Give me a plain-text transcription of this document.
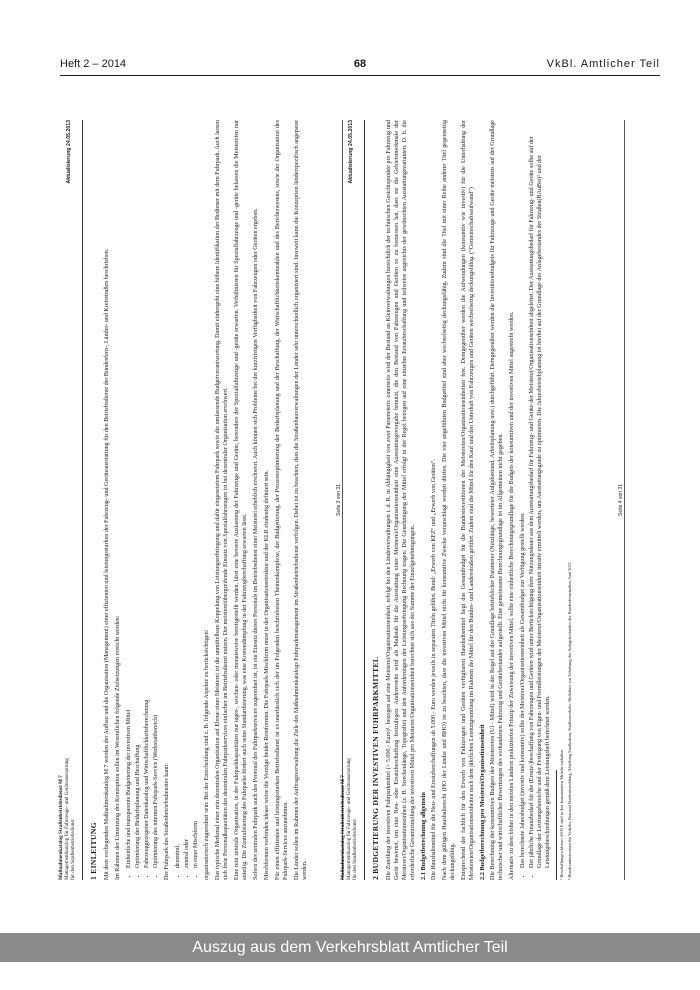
Heft 2 – 2014	68	VkBl. Amtlicher Teil
Maßnahmenkatalog Straßenbetriebsdienst M 7 Managementkatalog für Fahrzeuge- und Geräteausstattung für den Straßenbetriebsdienst
Aktualisierung 24.05.2013
1 EINLEITUNG Mit dem vorliegenden Maßnahmenkatalog M 7 werden der Aufbau und die Organisation (Management) einer effizienten und leistungsstarken der Fahrzeug- und Geräteausstattung für den Betriebsdienst der Bundesfern-, Länder- und Kreisstraßen beschrieben. Im Rahmen der Umsetzung der Konzeption sollen im Wesentlichen folgende Zielsetzungen erreicht werden: • Einheitliche und transparente Budgetierung der investiven Mittel • Optimierung der Bedarfsplanung und Beschaffung • Fahrzeuggezogener Datenkatalog und Wirtschaftlichkeitsberechnung • Optimierung des internen Fuhrpark-Service (Werkstattbereich) Der Fuhrpark des Straßenbetriebsdienstes kann: • dezentral, • zentral oder • in einer Mischform organisatorisch zugeordnet sein: Bei der Entscheidung sind z. B. folgende Aspekte zu berücksichtigen: Das typische Merkmal einer rein dezentralen Organisation auf Ebene einer Meisterei ist die unmittelbare Koppelung von Leistungserbringung und dafür eingesetztem Fuhrpark sowie die umfassende Budgetverantwortung. Damit einhergeht eine höhere Identifikation der Bediener mit dem Fuhrpark. Auch lassen sich freie Personalkapazitäten des dezentralen Fuhrparkservices einfacher im Betriebsdienst nutzen. Der meistereiübergreifende Einsatz von Spezialfahrzeugen ist bei dezentraler Organisation erschwert. Eine rein zentrale Organisation, in der Fuhrparkkapazitäten nur tages-, wochen- oder monatsweise bereitgestellt werden, lässt eine bessere Auslastung der Fahrzeuge und Geräte, besonders der Spezialfahrzeuge und -geräte erwarten. Verhältnissen für Spezialfahrzeuge und -geräte belassen die Meistereien nur anteilig. Die Zentralisierung des Fuhrparks fördert auch seine Standardisierung, was eine Kostendämpfung in der Fahrzeugbeschaffung erwarten lässt. Sofern des zentralen Fuhrpark auch des Personal des Fuhrparkservices zugeordnet ist, ist ein Einsatz dieses Personals im Betriebsdienst einer Meisterei erheblich erschwert. Auch können sich Probleme bei der kurzfristigen Verfügbarkeit von Fahrzeugen oder Geräten ergeben. Mischformen verbinden ideaer weise die Vorzüge beider Reinformen. Die Fuhrpark-Mischform muss in der Organisationsstruktur und der KLR eindeutig definiert sein. Für einen effizienten und leistungsstarken Betriebsdienst ist es unerlässlich sich der im Folgenden beschriebenen Themenkomplexe, der Budgetierung, der Prozessoptimierung der Bedarfsplanung und der Beschaffung, der Wirtschaftlichkeitskennzahlen und des Berichtswesens, sowie der Organisation des Fuhrpark-Services anzunehmen. Die Länder sollen im Rahmen der Auftragsverwaltung die Ziele des Maßnahmenkatalogs Fuhrparkmanagement im Straßenbetriebsdienst verfolgen. Dabei ist zu beachten, dass die Straßenbauverwaltungen der Länder sehr unterschiedlich organisiert sind. Insoweit kann die Konzeption länderspezifisch angepasst werden.

Seite 3 von 31
Maßnahmenkatalog Straßenbetriebsdienst M 7 Managementkatalog für Fahrzeuge- und Geräteausstattung für den Straßenbetriebsdienst
Aktualisierung 24.05.2013
2 BUDGETIERUNG DER INVESTIVEN FUHRPARKMITTEL Die Zuteilung der investiven Fuhrparkmittel (> 5.000,- Euro)¹, bezogen auf eine Meisterei/Organisationseinheit, erfolgt bei den Länderverwaltungen i. d. R. in Abhängigkeit von zwei Parametern: einerseits wird der Bestand an Kleinverwaltungen hinsichtlich der technischen Gesichtspunkte pro Fahrzeug und Gerät bewertet, um eine Neu- oder Ersatzbeschaffung festzulegen. Andererseits wird als Maßstab für die Ausstattung einer Meisterei/Organisationseinheit eine Ausstattungsvorgabe benutzt, die den Bestand von Fahrzeugen und Geräten so zu bemessen hat, dass sie die Gebietsmerkmale der Meisterei/Organisationseinheit (z. B. Streckenlänge, Topografie) und den Anforderungen der Leistungserbringung Rechnung tragen. Die Genehmigung der Mittel erfolgt in der Regel bezogen auf eine einzelne Ersatzbeschaffung und teilweise angesichts der gewünschten Ausstattungsvarianten. D. h. die erforderliche Gesamtzuteilung der investiven Mittel pro Meisterei/Organisationseinheit berechnet sich aus der Summe der Einzelgenehmigungen. 2.1 Budgetberechnung allgemein Die Haushaltsmittel für die Neu- und Ersatzbeschaffungen ab 5.000,- Euro werden jeweils in separaten Titeln geführt. Bund: „Erwerb von KFZ“ und „Erwerb von Geräten“. Nach dem gültigen Haushaltsrecht (HO der Länder und BHO) ist zu beachten, dass die investiven Mittel nicht für konsumtive Zwecke veranschlagt werden dürfen. Die vier angeführten Budgettitel sind aber wechselseitig deckungsfähig. Zudem sind die Titel mit einer Reihe anderer Titel gegenseitig deckungsfähig. Entsprechend der fachlich für den Erwerb von Fahrzeugen und Geräten verfügbaren Haushaltsmittel liegt das Gesamtbudget für die Bundesinvestitionen der Meistereien/Organisationseinheiten fest. Demgegenüber werden die Aufwendungen (konsumtiv wie investiv) für die Unterhaltung der Meistereien/Organisationseinheiten nach dem jährlichen Leistungsumfang im Rahmen der Mittel für den Bundes- und Landesstraßen geführt. Zudem sind die Mittel für den Kauf und den Unterhalt von Fahrzeugen und Geräten wechselseitig deckungsfähig. (“Gemeinschaftsaufwand”) 2.2 Budgetberechnung pro Meisterei/Organisationseinheit Die Berechnung der konsumtiven Budgets der Meistereien (Ul - Mittel) wird in der Regel auf der Grundlage betrieblicher Parameter (Netzlänge, bewerteter Aufgabestand, Arbeitsplanung usw.) durchgeführt. Demgegenüber werden die Investitionsbudgets für Fahrzeuge und Geräte meistens auf der Grundlage technischer und wirtschaftlicher Bewertungen des vorhandenen Fahrzeug und Gerätebestandes aufgestellt. Eine gemeinsame Berechnungsgrundlage ist im Allgemeinen nicht gegeben. Alternativ zu dem bisher in den meisten Ländern praktizierten Prinzip der Zuweisung der investiven Mittel, sollte eine einheitliche Berechnungsgrundlage für die Budgets der konsumtiven und der investiven Mittel angestrebt werden. • Das berechnete Jahresbudget (investiv und konsumtiv) sollte der Meisterei/Organisationseinheit als Gesamtbudget zur Verfügung gestellt werden. • Der jährliche Finanzbedarf für die (Ersatz-)beschaffung von Fahrzeugen und Geräten wird unter Berücksichtigung ihrer Nutzungsdauer aus dem Ausstattungsbedarf für Fahrzeug- und Geräte der Meisterei/Organisationseinheit abgeleitet. Der Ausstattungsbedarf für Fahrzeug- und Geräte sollte auf der Grundlage der Leistungsbereiche und der Festlegung von Eigen- und Fremdleistungen der Meisterei/Organisationseinheit iterativ ermittelt werden, um Ausstattungsgrade zu optimieren. Die Jahresbetriebplanung ist hierbei auf der Grundlage des Anlagebestandes der Straßen(BAuBst)² und der Leistungsbeschreibungen gemäß dem Leistungsheft berechnet werden. ¹ Beschaffungen kleiner 5000 € sind in den konsumtiven Mitteln enthalten ² Bundesministerium für Verkehr, Bau und Stadtentwicklung, Abteilung Straßenbau, Straßenverkehr: Richtlinie zur Erhebung des Anlagebestandes der Bundesfernstraßen, Juni 2011

Seite 4 von 31
Auszug aus dem Verkehrsblatt Amtlicher Teil
